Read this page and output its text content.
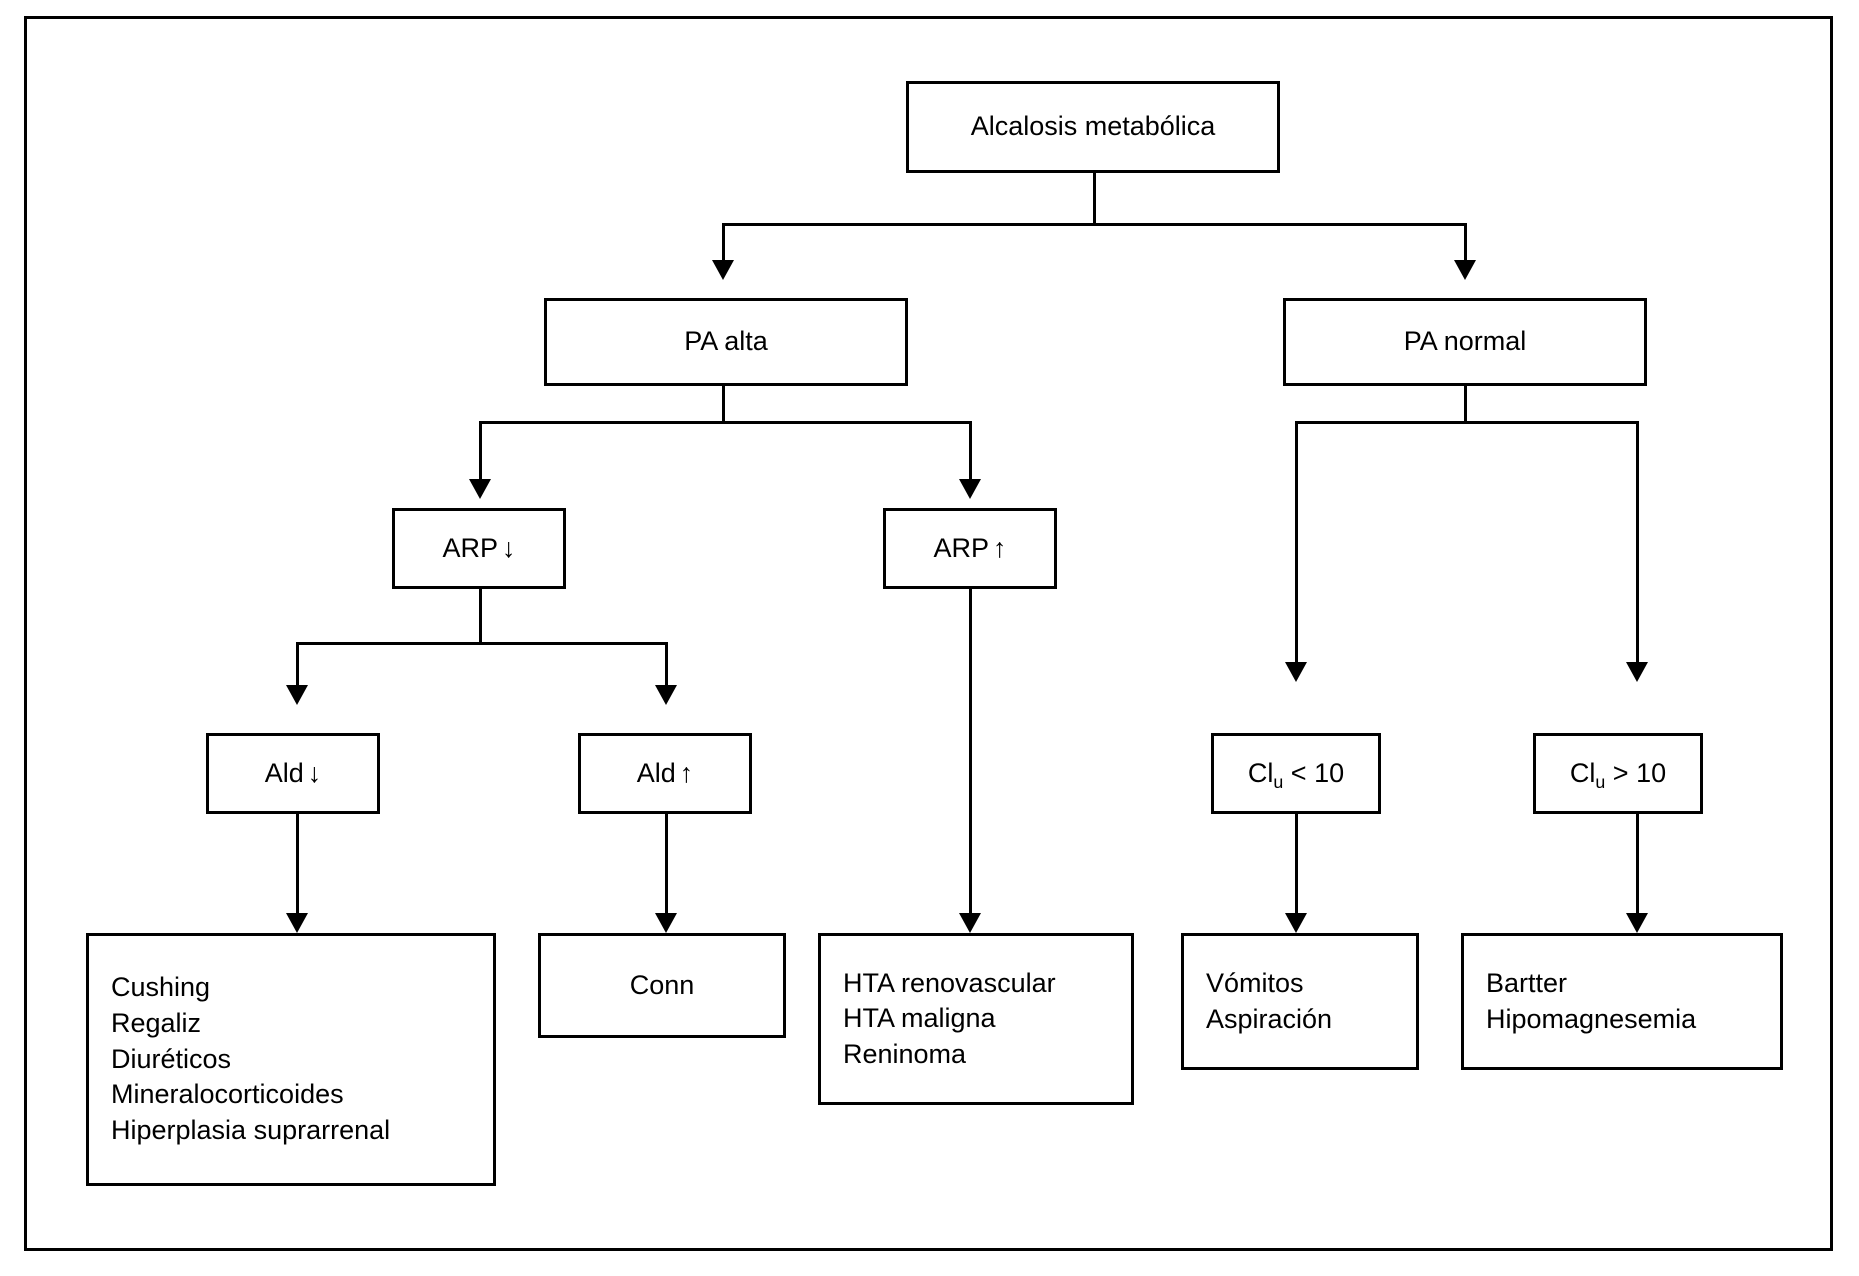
Alcalosis metabólica
PA alta	PA normal
ARP ↓	ARP ↑
Ald ↓	Ald ↑	$Cl_u < 10$	$Cl_u > 10$
Cushing
Regaliz
Diuréticos
Mineralocorticoides
Hiperplasia suprarrenal
Conn	HTA renovascular
HTA maligna
Reninoma
Vómitos
Aspiración
Bartter
Hipomagnesemia
